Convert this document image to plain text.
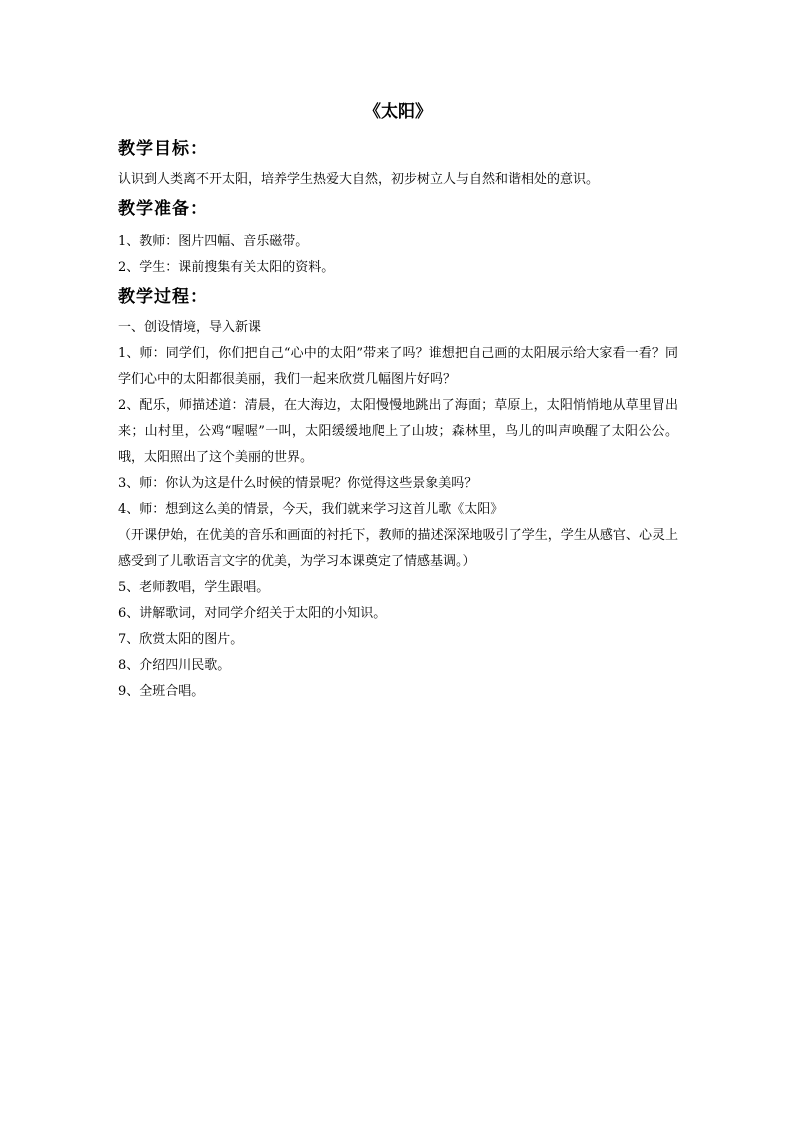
《太阳》
教学目标：

认识到人类离不开太阳，培养学生热爱大自然，初步树立人与自然和谐相处的意识。

教学准备：

1、教师：图片四幅、音乐磁带。

2、学生：课前搜集有关太阳的资料。

教学过程：

一、创设情境，导入新课

1、师：同学们，你们把自己“心中的太阳”带来了吗？谁想把自己画的太阳展示给大家看一看？同学们心中的太阳都很美丽，我们一起来欣赏几幅图片好吗？

2、配乐，师描述道：清晨，在大海边，太阳慢慢地跳出了海面；草原上，太阳悄悄地从草里冒出来；山村里，公鸡“喔喔”一叫，太阳缓缓地爬上了山坡；森林里，鸟儿的叫声唤醒了太阳公公。哦，太阳照出了这个美丽的世界。

3、师：你认为这是什么时候的情景呢？你觉得这些景象美吗？

4、师：想到这么美的情景，今天，我们就来学习这首儿歌《太阳》

（开课伊始，在优美的音乐和画面的衬托下，教师的描述深深地吸引了学生，学生从感官、心灵上感受到了儿歌语言文字的优美，为学习本课奠定了情感基调。）

5、老师教唱，学生跟唱。

6、讲解歌词，对同学介绍关于太阳的小知识。

7、欣赏太阳的图片。

8、介绍四川民歌。

9、全班合唱。
